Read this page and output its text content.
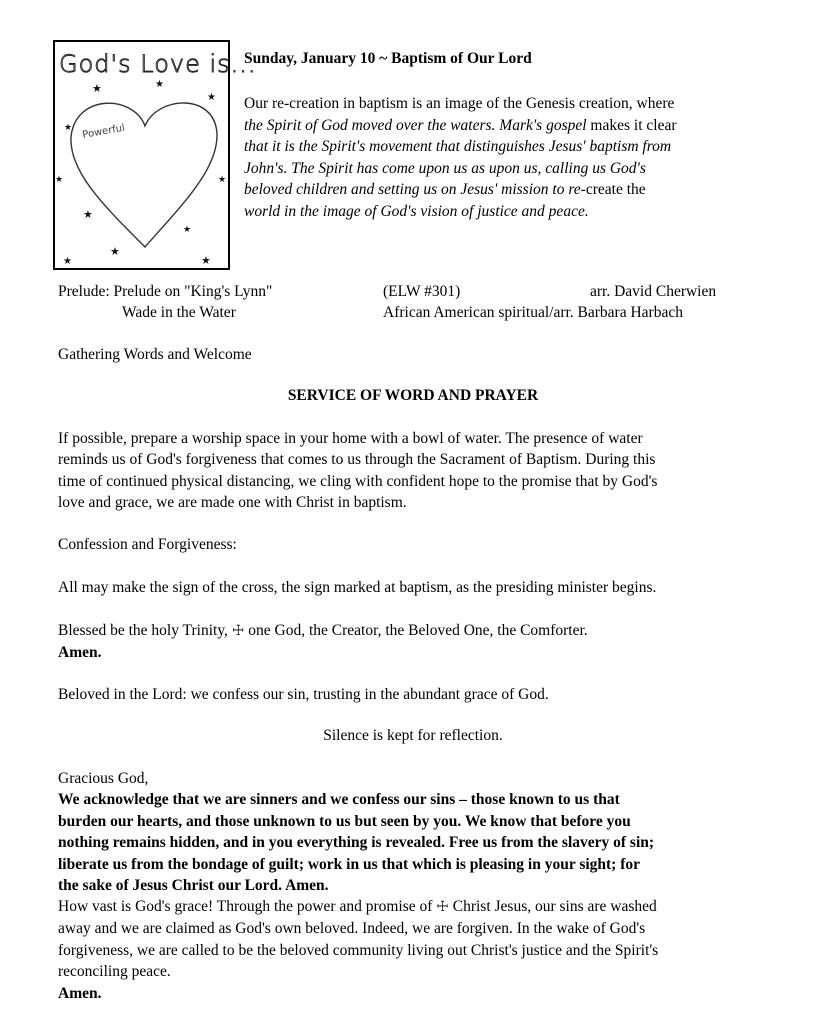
God's Love is...
Powerful
★	★
★
★
★
★
★
★
★
★	★
Sunday, January 10 ~ Baptism of Our Lord
Our re-creation in baptism is an image of the Genesis creation, where
the Spirit of God moved over the waters. Mark's gospel makes it clear
that it is the Spirit's movement that distinguishes Jesus' baptism from
John's. The Spirit has come upon us as upon us, calling us God's
beloved children and setting us on Jesus' mission to re-create the
world in the image of God's vision of justice and peace.
Prelude: Prelude on "King's Lynn"	(ELW #301)	arr. David Cherwien
Wade in the Water	African American spiritual/arr. Barbara Harbach
Gathering Words and Welcome
SERVICE OF WORD AND PRAYER
If possible, prepare a worship space in your home with a bowl of water. The presence of water
reminds us of God's forgiveness that comes to us through the Sacrament of Baptism. During this
time of continued physical distancing, we cling with confident hope to the promise that by God's
love and grace, we are made one with Christ in baptism.
Confession and Forgiveness:
All may make the sign of the cross, the sign marked at baptism, as the presiding minister begins.
Blessed be the holy Trinity, ☩ one God, the Creator, the Beloved One, the Comforter.
Amen.
Beloved in the Lord: we confess our sin, trusting in the abundant grace of God.
Silence is kept for reflection.
Gracious God,
We acknowledge that we are sinners and we confess our sins – those known to us that
burden our hearts, and those unknown to us but seen by you. We know that before you
nothing remains hidden, and in you everything is revealed. Free us from the slavery of sin;
liberate us from the bondage of guilt; work in us that which is pleasing in your sight; for
the sake of Jesus Christ our Lord. Amen.
How vast is God's grace! Through the power and promise of ☩ Christ Jesus, our sins are washed
away and we are claimed as God's own beloved. Indeed, we are forgiven. In the wake of God's
forgiveness, we are called to be the beloved community living out Christ's justice and the Spirit's
reconciling peace.
Amen.
